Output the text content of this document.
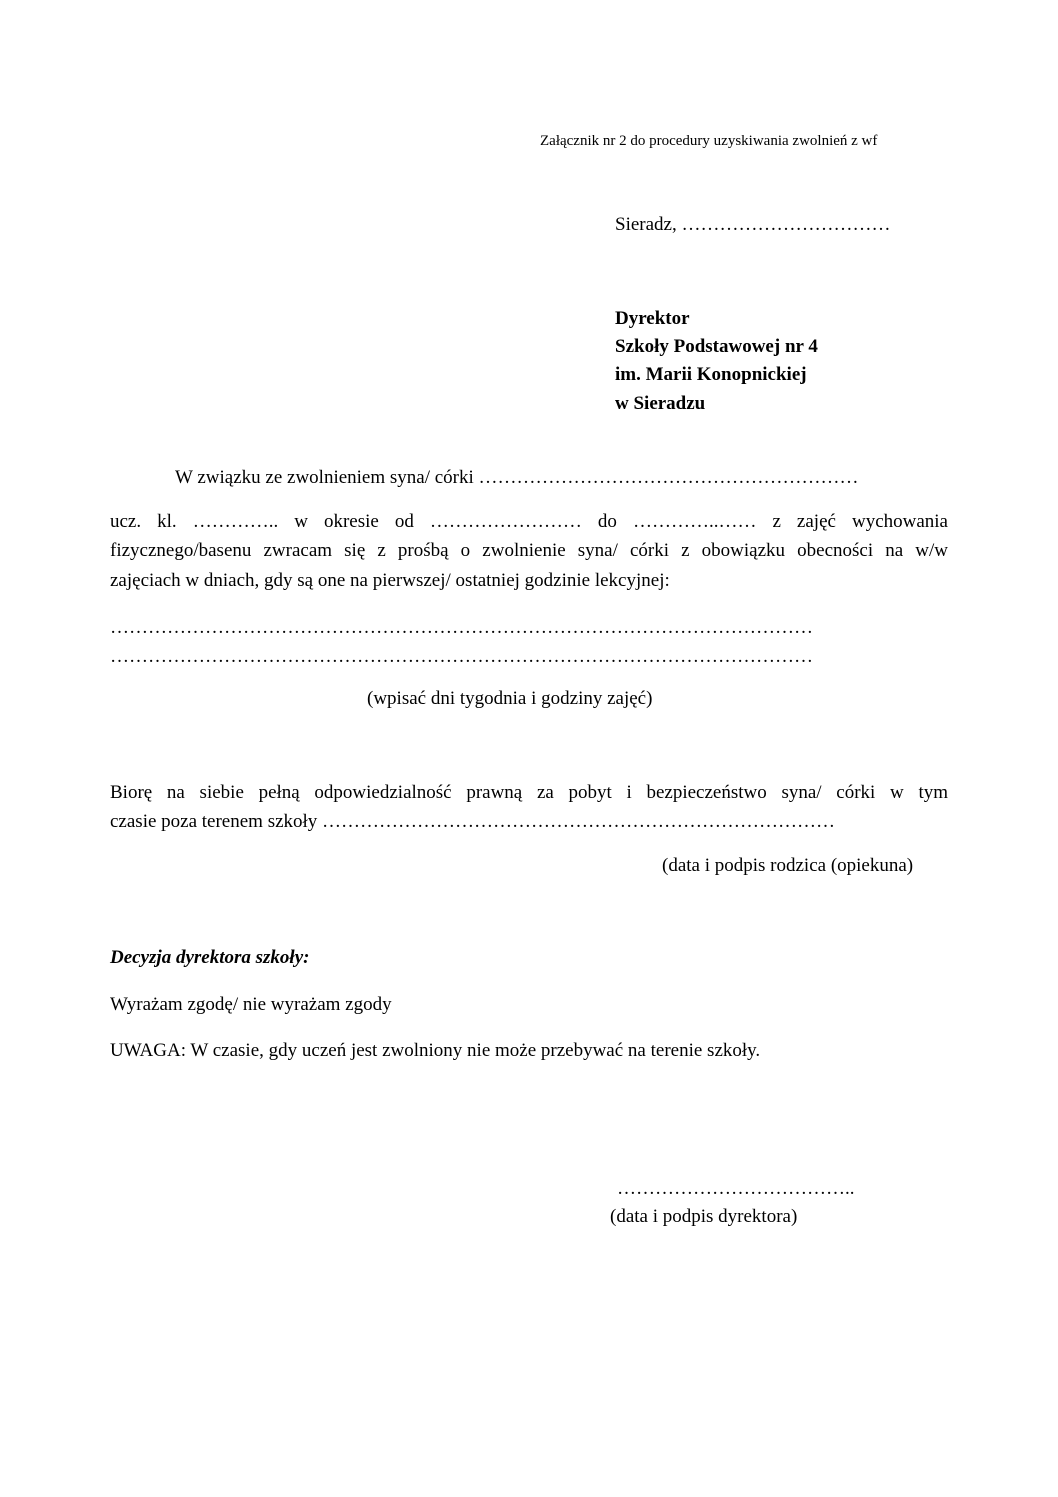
Załącznik nr 2 do procedury uzyskiwania zwolnień z wf
Sieradz, ……………………………
Dyrektor
Szkoły Podstawowej nr 4
im. Marii Konopnickiej
w Sieradzu
W związku ze zwolnieniem syna/ córki ……………………………………………………
ucz. kl. ………….. w okresie od …………………… do …………..…… z zajęć wychowania
fizycznego/basenu zwracam się z prośbą o zwolnienie syna/ córki z obowiązku obecności na w/w
zajęciach w dniach, gdy są one na pierwszej/ ostatniej godzinie lekcyjnej:
…………………………………………………………………………………………………
…………………………………………………………………………………………………
(wpisać dni tygodnia i godziny zajęć)
Biorę na siebie pełną odpowiedzialność prawną za pobyt i bezpieczeństwo syna/ córki w tym
czasie poza terenem szkoły ………………………………………………………………………
(data i podpis rodzica (opiekuna)
Decyzja dyrektora szkoły:
Wyrażam zgodę/ nie wyrażam zgody
UWAGA: W czasie, gdy uczeń jest zwolniony nie może przebywać na terenie szkoły.
………………………………..
(data i podpis dyrektora)
